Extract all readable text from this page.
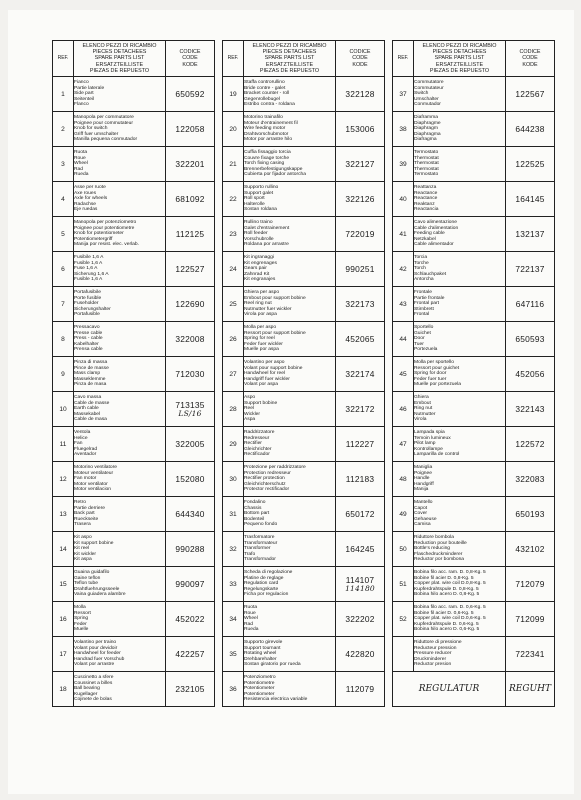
REF.	ELENCO PEZZI DI RICAMBIO
PIECES DETACHEES
SPARE PARTS LIST
ERSATZTEILLISTE
PIEZAS DE REPUESTO	CODICE
CODE
KODE

1	Fianco
Partie laterale
Side part
Seitenteil
Flanco	650592
2	Manopola per commutatore
Poignee pour commutateur
Knob for switch
Griff fuer umschalter
Manilla pequena conmutador	122058
3	Ruota
Roue
Wheel
Rad
Rueda	322201
4	Asse per ruote
Axe roues
Axle for wheels
Radachse
Eje ruedas	681092
5	Manopola per potenziometro
Poignee pour potentiometre
Knob for potentiometer
Potentiometergriff
Manija por resist. elec. verlab.	112125
6	Fusibile 1,6 A
Fusible 1,6 A
Fuse 1,6 A
Sicherung 1,6 A
Fusible 1,6 A	122527
7	Portafusibile
Porte fusible
Fuseholder
Sicherungshalter
Portafusible	122690
8	Pressacavo
Presse cable
Press - cable
Kabelhalter
Prensa cable	322008
9	Pinza di massa
Pince de masse
Mass clamp
Masseklemme
Pinza de masa	712030
10	Cavo massa
Cable de masse
Earth cable
Massekabel
Cable de masa	713135
LS/16

11	Ventola
Helice
Fan
Fluegelrad
Aventador	322005
12	Motorino ventilatore
Moteur ventilateur
Fan motor
Motor ventilator
Motor ventilacion	152080
13	Retro
Partie derriere
Back part
Rueckseite
Trasera	644340
14	Kit aspo
Kit support bobine
Kit reel
Kit wickler
Kit aspa	990288
15	Guaina guidafilo
Gaine teflon
Teflon tube
Drahtfuehrungsseele
Vaina guiadera alambre	990097
16	Molla
Ressort
Spring
Feder
Muelle	452022
17	Volantino per traino
Volant pour devidoir
Handwheel for feeder
Handrad fuer Vorschub
Volant por arrastre	422257
18	Cuscinetto a sfere
Coussinet a billes
Ball bearing
Kugellager
Cojinete de bolas	232105
REF.	ELENCO PEZZI DI RICAMBIO
PIECES DETACHEES
SPARE PARTS LIST
ERSATZTEILLISTE
PIEZAS DE REPUESTO	CODICE
CODE
KODE

19	Staffa controrullino
Bride contre - galet
Bracket counter - roll
Gegenrollebugel
Estribo contra - roldana	322128
20	Motorino trainafilo
Moteur d'entrainement fil
Wire feeding motor
Drahtvorschubmotor
Motor por arrastre hilo	153006
21	Cuffia fissaggio torcia
Couvre fixage torche
Torch fixing casing
Brennerbefestigungskappe
Cubierta por fijador antorcha	322127
22	Supporto rullino
Support galet
Roll sport
Halterolle
Sostan roldana	322126
23	Rullino traino
Galet d'entrainement
Roll feeder
Vorschubrolle
Roldana por arrastre	722019
24	Kit ingranaggi
Kit engrenages
Gears pair
Zahnrad Kit
Kit engranajes	990251
25	Ghiera per aspo
Embout pour support bobine
Reel ring nut
Nutmutter fuer wickler
Virola por aspa	322173
26	Molla per aspo
Ressort pour support bobine
Spring for reel
Feder fuer wickler
Muelle por aspa	452065
27	Volantino per aspo
Volant pour support bobine
Handwheel for reel
Handgriff fuer wickler
Volant por aspa	322174
28	Aspo
Support bobine
Reel
Wickler
Aspa	322172
29	Raddrizzatore
Redresseur
Rectifier
Gleichrichter
Rectificador	112227
30	Protezione per raddrizzatore
Protection redresseur
Rectifier protection
Gleichrichterschutz
Protector rectificador	112183
31	Fondalino
Chassis
Bottom part
Bodenteil
Pequeno fondo	650172
32	Trasformatore
Transformateur
Transformer
Trafo
Transformador	164245
33	Scheda di regolazione
Platine de reglage
Regulation card
Regelungskarte
Ficha por regulacion	114107
114180

34	Ruota
Roue
Wheel
Rad
Rueda	322202
35	Supporto girevole
Support tournant
Rotating wheel
Drehbarehalter
Sostan giratorio por rueda	422820
36	Potenziometro
Potentiometre
Potentiometer
Potentiometer
Resistencia electrica variable	112079
REF.	ELENCO PEZZI DI RICAMBIO
PIECES DETACHEES
SPARE PARTS LIST
ERSATZTEILLISTE
PIEZAS DE REPUESTO	CODICE
CODE
KODE

37	Commutatore
Commutateur
Switch
Umschalter
Conmutador	122567
38	Diaframma
Diaphragme
Diaphragm
Diaphragma
Diafragma	644238
39	Termostato
Thermostat
Thermostat
Thermostat
Termostato	122525
40	Reattanza
Reactance
Reactance
Reaktanz
Reactancia	164145
41	Cavo alimentazione
Cable d'alimentation
Feeding cable
Netzkabel
Cable alimentador	132137
42	Torcia
Torche
Torch
Schlauchpaket
Antorcha	722137
43	Frontale
Partie frontale
Frontal part
Stirnbrett
Frontal	647116
44	Sportello
Guichet
Door
Tuer
Portezuela	650593
45	Molla per sportello
Ressort pour guichet
Spring for door
Feder fuer tuer
Muelle por portezuela	452056
46	Ghiera
Embout
Ring nut
Nutmutter
Virola	322143
47	Lampada spia
Temoin lumineux
Pilot lamp
Kontrollampe
Lamparilla de control	122572
48	Maniglia
Poignee
Handle
Handgriff
Manija	322083
49	Mantello
Capot
Cover
Gehaeuse
Camisa	650193
50	Riduttore bombola
Reduction pour bouteille
Bottle's reducing
Flaschedruckminderer
Reductor por bombona	432102
51	Bobina filo acc. ram. D. 0,8-Kg. 5
Bobine fil acier D. 0,8-Kg. 5
Copper plat. wire coil D.0,8-Kg. 5
Kupferdrahtspule D. 0,8-Kg. 5
Bobina hilo acero D. 0,8-Kg. 5	712079
52	Bobina filo acc. ram. D. 0,6-Kg. 5
Bobine fil acier D. 0,6-Kg. 5
Copper plat. wire coil D.0,6-Kg. 5
Kupferdrahtspule D. 0,6-Kg. 5
Bobina hilo acero D. 0,6-Kg. 5	712099

	Riduttore di pressione
Reducteur pression
Pressure reducer
Druckminderer
Reductor presion	722341
REGULATUR		REGUHT
